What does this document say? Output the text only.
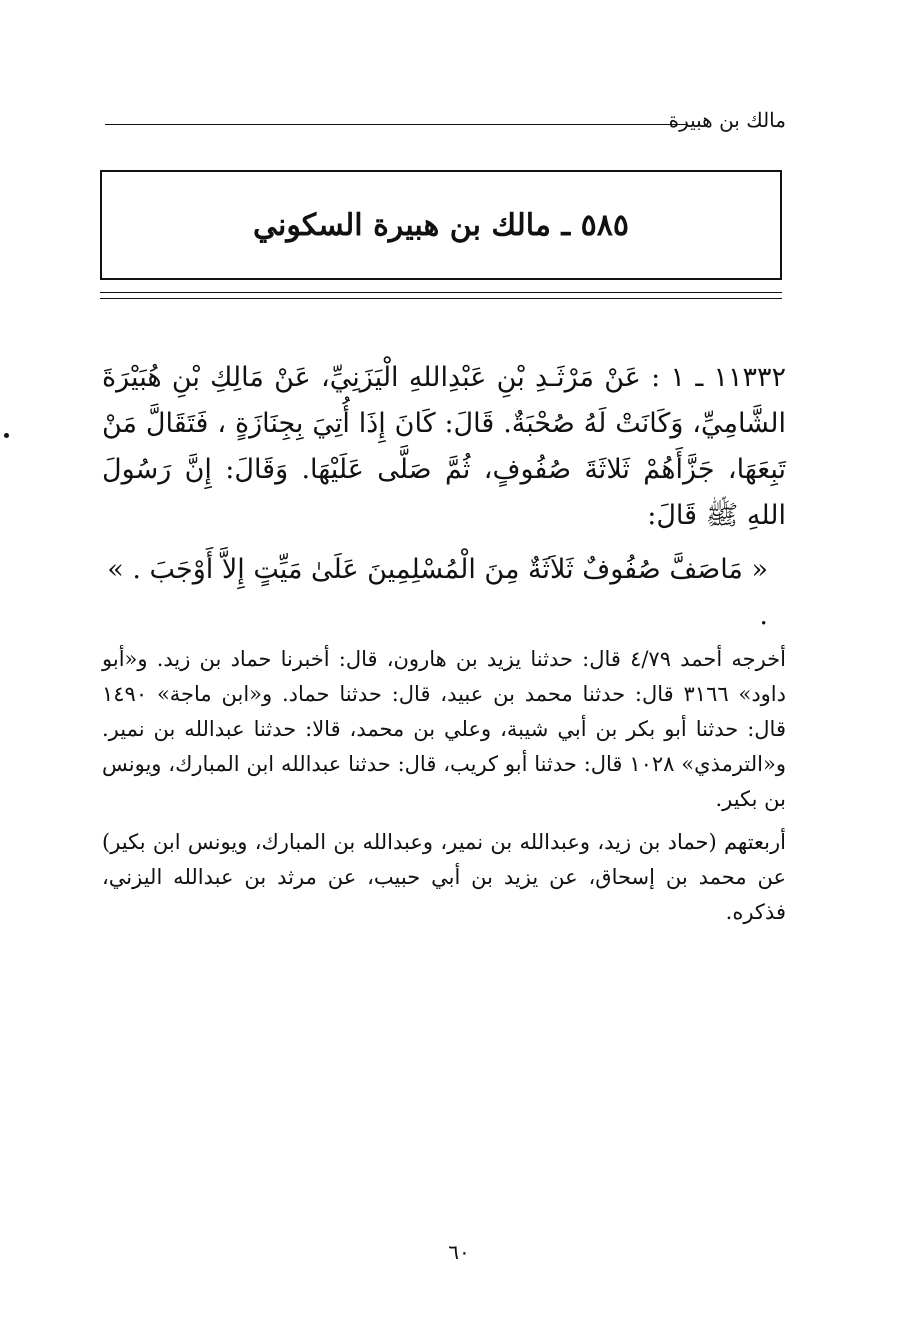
مالك بن هبيرة
٥٨٥ ـ مالك بن هبيرة السكوني

١١٣٣٢ ـ ١ : عَنْ مَرْثَـدِ بْنِ عَبْدِاللهِ الْيَزَنِيِّ، عَنْ مَالِكِ بْنِ هُبَيْرَةَ الشَّامِيِّ، وَكَانَتْ لَهُ صُحْبَةٌ. قَالَ: كَانَ إِذَا أُتِيَ بِجِنَازَةٍ ، فَتَقَالَّ مَنْ تَبِعَهَا، جَزَّأَهُمْ ثَلاثَةَ صُفُوفٍ، ثُمَّ صَلَّى عَلَيْهَا. وَقَالَ: إِنَّ رَسُولَ اللهِ ﷺ قَالَ:

« مَاصَفَّ صُفُوفٌ ثَلاَثَةٌ مِنَ الْمُسْلِمِينَ عَلَىٰ مَيِّتٍ إِلاَّ أَوْجَبَ . » .

أخرجه أحمد ٤/٧٩ قال: حدثنا يزيد بن هارون، قال: أخبرنا حماد بن زيد. و«أبو داود» ٣١٦٦ قال: حدثنا محمد بن عبيد، قال: حدثنا حماد. و«ابن ماجة» ١٤٩٠ قال: حدثنا أبو بكر بن أبي شيبة، وعلي بن محمد، قالا: حدثنا عبدالله بن نمير. و«الترمذي» ١٠٢٨ قال: حدثنا أبو كريب، قال: حدثنا عبدالله ابن المبارك، ويونس بن بكير.

أربعتهم (حماد بن زيد، وعبدالله بن نمير، وعبدالله بن المبارك، ويونس ابن بكير) عن محمد بن إسحاق، عن يزيد بن أبي حبيب، عن مرثد بن عبدالله اليزني، فذكره.

٦٠
